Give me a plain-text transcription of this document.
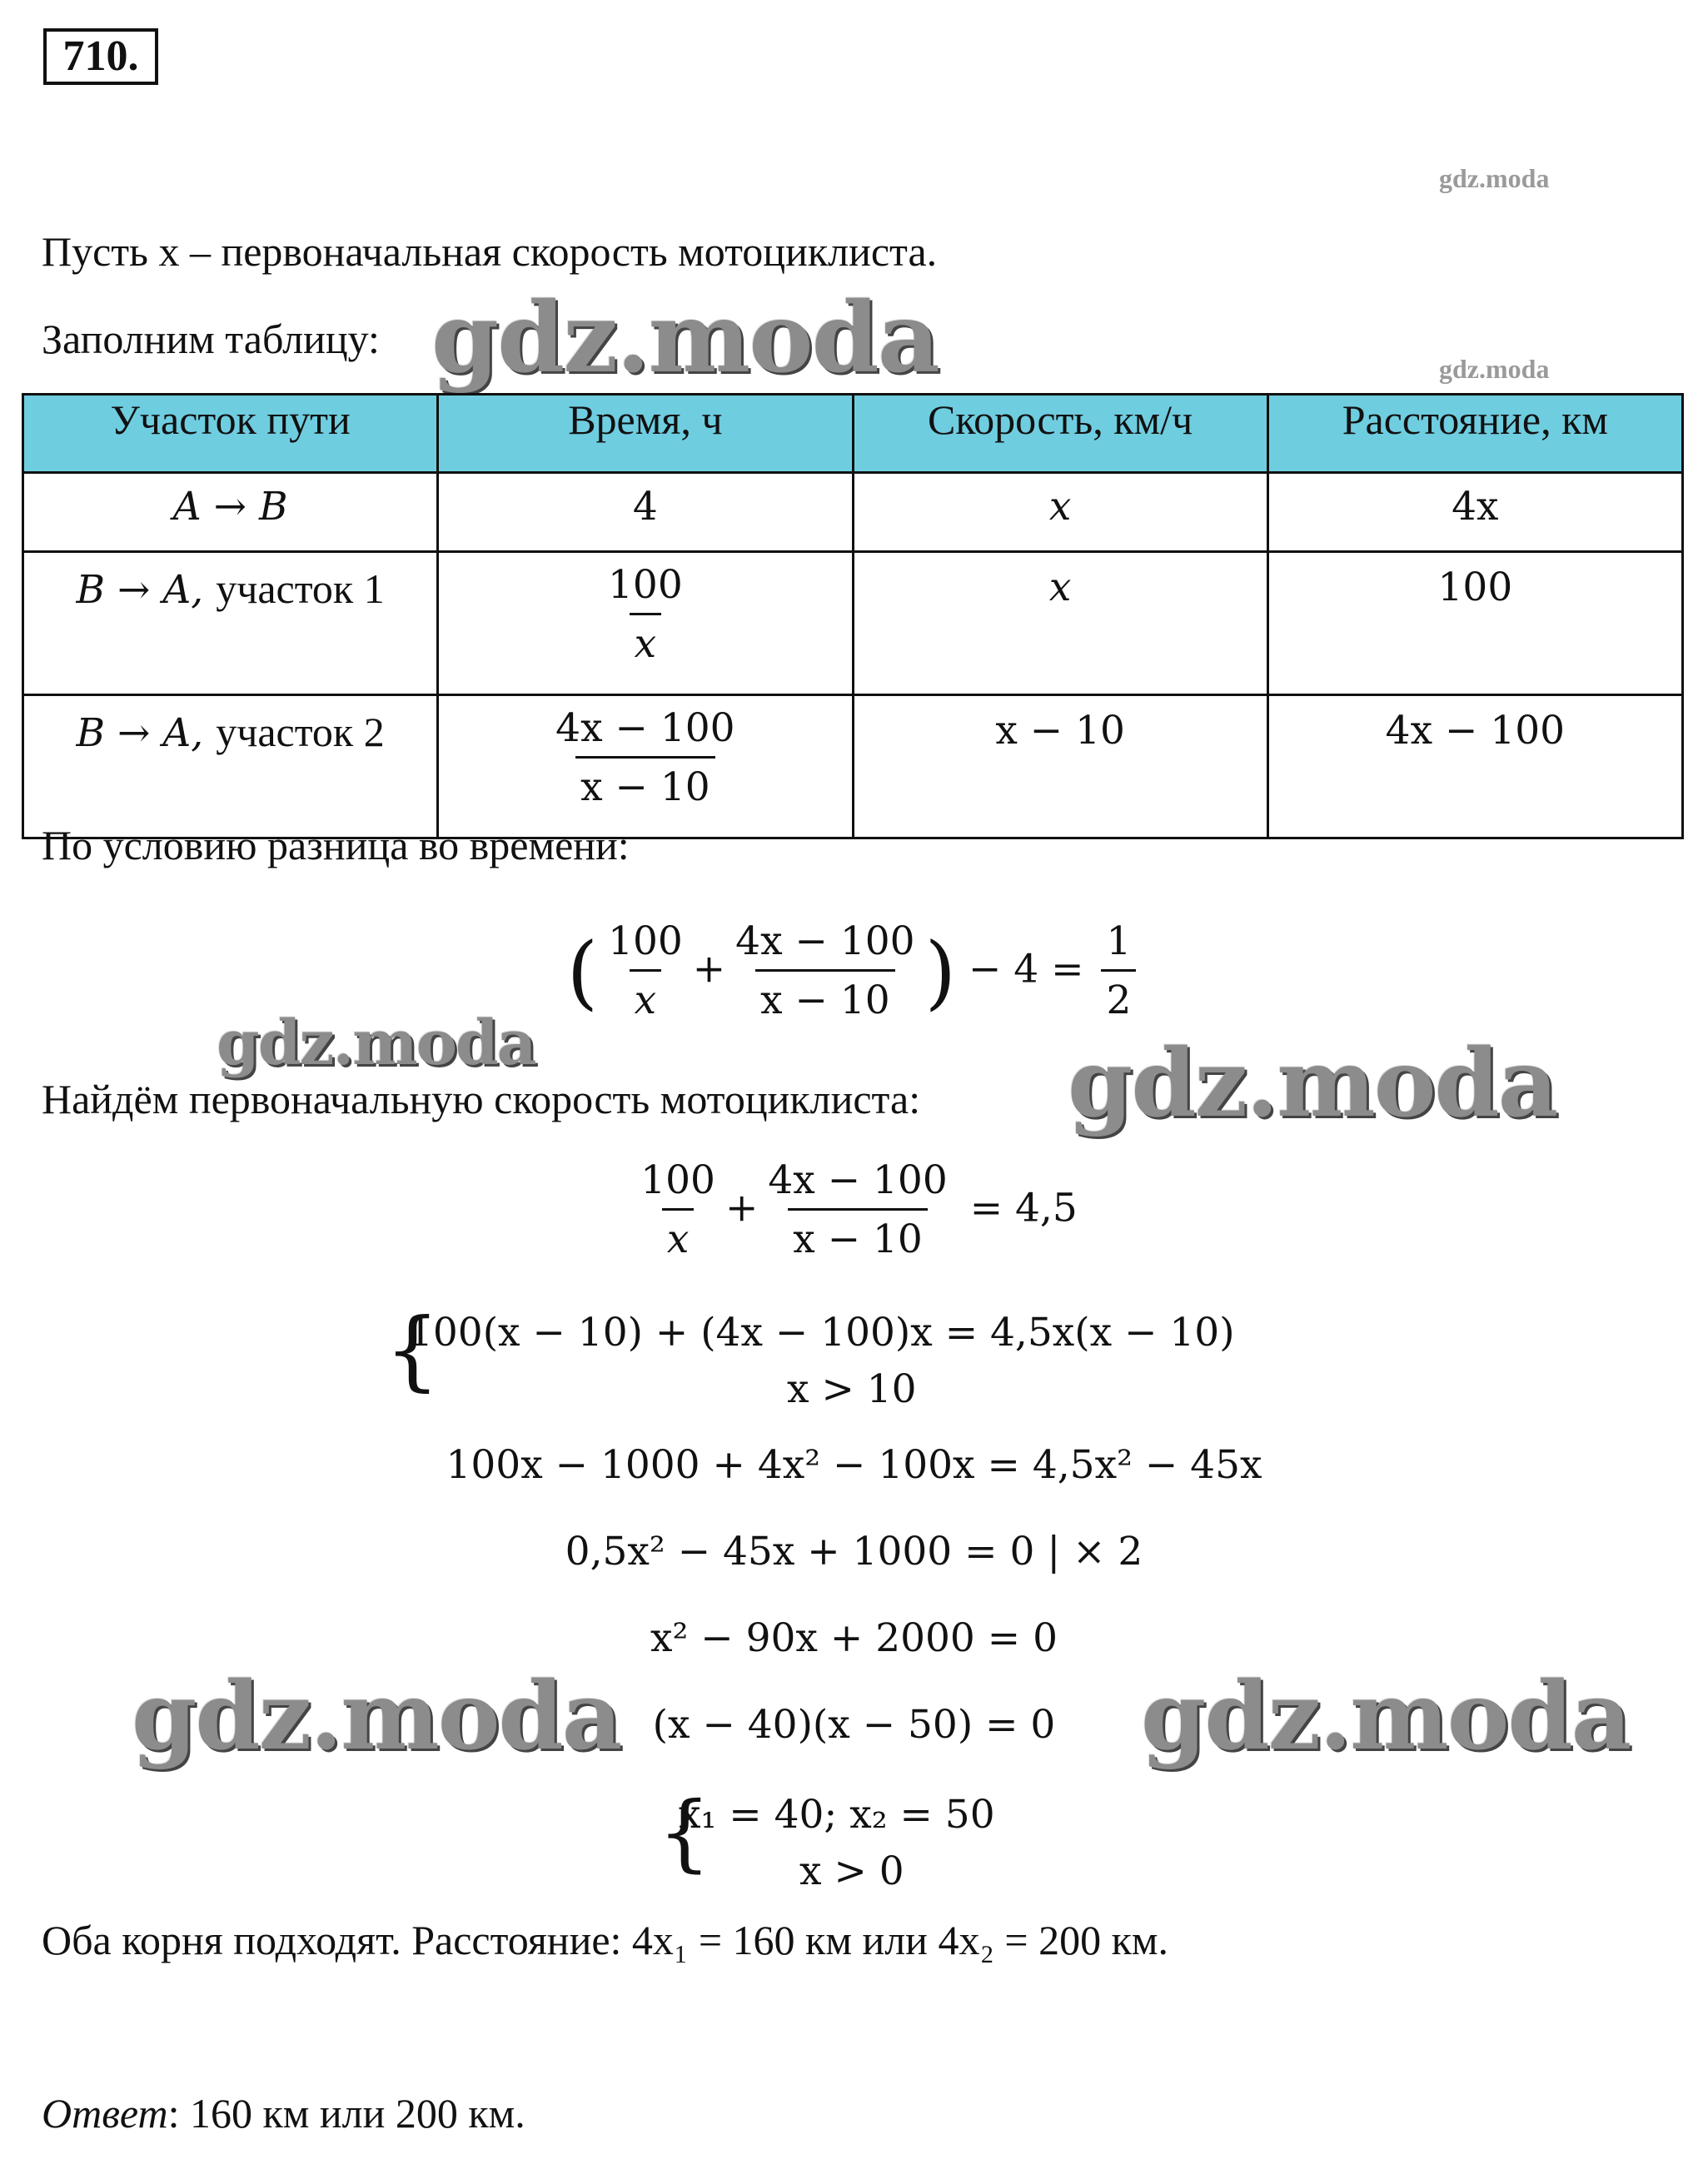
710.
gdz.moda
gdz.moda
Пусть x – первоначальная скорость мотоциклиста.
Заполним таблицу: gdz.moda
Участок пути	Время, ч	Скорость, км/ч	Расстояние, км
A → B	4	x	4x
B → A, участок 1	$\frac{100}{x}$	x	100
B → A, участок 2	$\frac{4x - 100}{x - 10}$	x − 10	4x − 100
По условию разница во времени:
( $\frac{100}{x} + \frac{4x - 100}{x - 10}$ ) − $4 = \frac{1}{2}$
gdz.moda	gdz.moda
Найдём первоначальную скорость мотоциклиста:
$\frac{100}{x} + \frac{4x - 100}{x - 10} = 4,5$
{
100(x − 10) + (4x − 100)x = 4,5x(x − 10)
x > 10
100x − 1000 + 4x² − 100x = 4,5x² − 45x
0,5x² − 45x + 1000 = 0 | × 2
x² − 90x + 2000 = 0
(x − 40)(x − 50) = 0
gdz.moda	gdz.moda
{
x₁ = 40; x₂ = 50
x > 0
Оба корня подходят. Расстояние: 4x₁ = 160 км или 4x₂ = 200 км.
Ответ: 160 км или 200 км.
